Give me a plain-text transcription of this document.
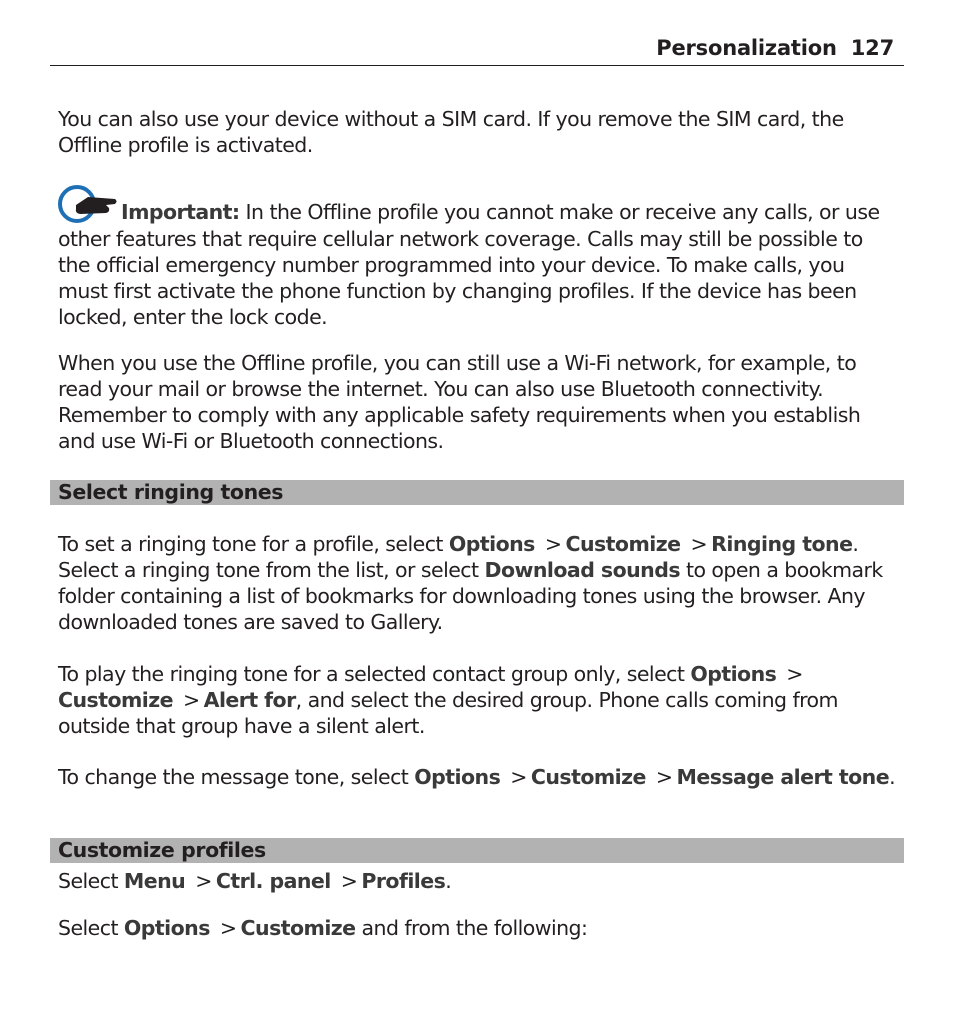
Personalization 127
You can also use your device without a SIM card. If you remove the SIM card, the
Offline profile is activated.
Important: In the Offline profile you cannot make or receive any calls, or use
other features that require cellular network coverage. Calls may still be possible to
the official emergency number programmed into your device. To make calls, you
must first activate the phone function by changing profiles. If the device has been
locked, enter the lock code.
When you use the Offline profile, you can still use a Wi-Fi network, for example, to
read your mail or browse the internet. You can also use Bluetooth connectivity.
Remember to comply with any applicable safety requirements when you establish
and use Wi-Fi or Bluetooth connections.
Select ringing tones
To set a ringing tone for a profile, select Options > Customize > Ringing tone.
Select a ringing tone from the list, or select Download sounds to open a bookmark
folder containing a list of bookmarks for downloading tones using the browser. Any
downloaded tones are saved to Gallery.
To play the ringing tone for a selected contact group only, select Options >
Customize > Alert for, and select the desired group. Phone calls coming from
outside that group have a silent alert.
To change the message tone, select Options > Customize > Message alert tone.
Customize profiles
Select Menu > Ctrl. panel > Profiles.
Select Options > Customize and from the following:
